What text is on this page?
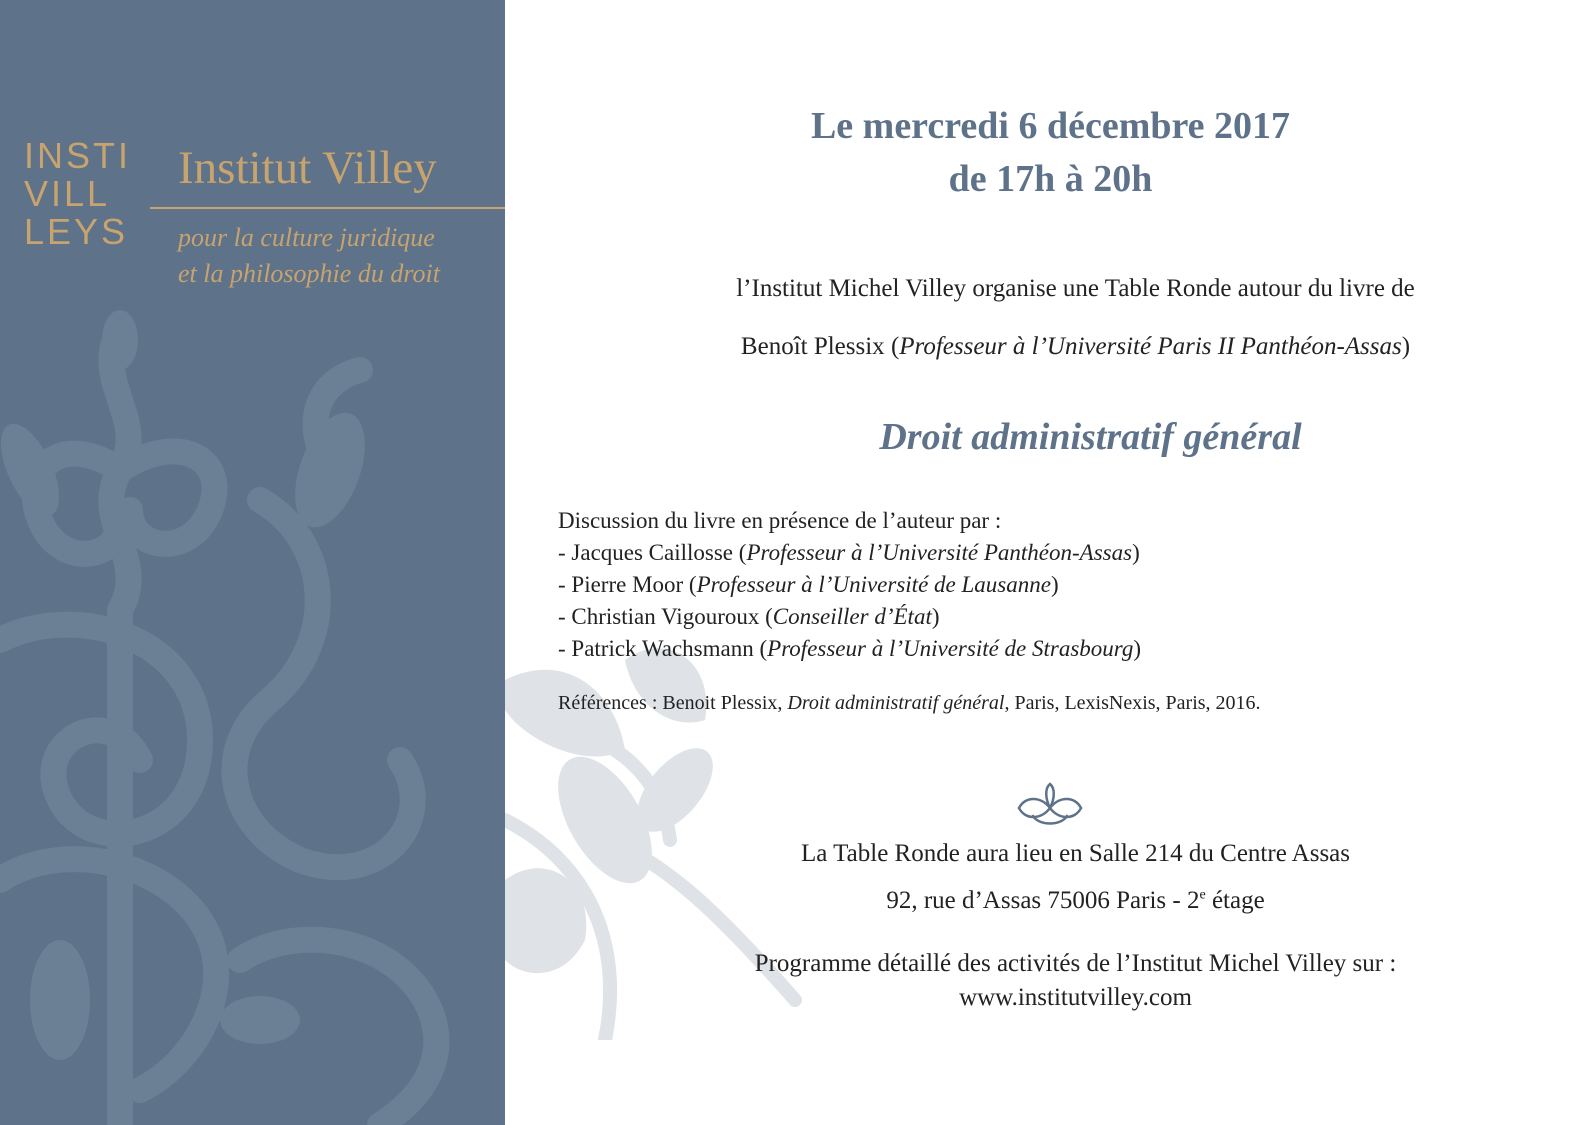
INSTI
VILL
LEYS
Institut Villey
pour la culture juridique
et la philosophie du droit
Le mercredi 6 décembre 2017
de 17h à 20h
l’Institut Michel Villey organise une Table Ronde autour du livre de
Benoît Plessix (Professeur à l’Université Paris II Panthéon-Assas)
Droit administratif général
Discussion du livre en présence de l’auteur par :
- Jacques Caillosse (Professeur à l’Université Panthéon-Assas)
- Pierre Moor (Professeur à l’Université de Lausanne)
- Christian Vigouroux (Conseiller d’État)
- Patrick Wachsmann (Professeur à l’Université de Strasbourg)
Références : Benoit Plessix, Droit administratif général, Paris, LexisNexis, Paris, 2016.
La Table Ronde aura lieu en Salle 214 du Centre Assas
92, rue d’Assas 75006 Paris - 2e étage
Programme détaillé des activités de l’Institut Michel Villey sur :
www.institutvilley.com
